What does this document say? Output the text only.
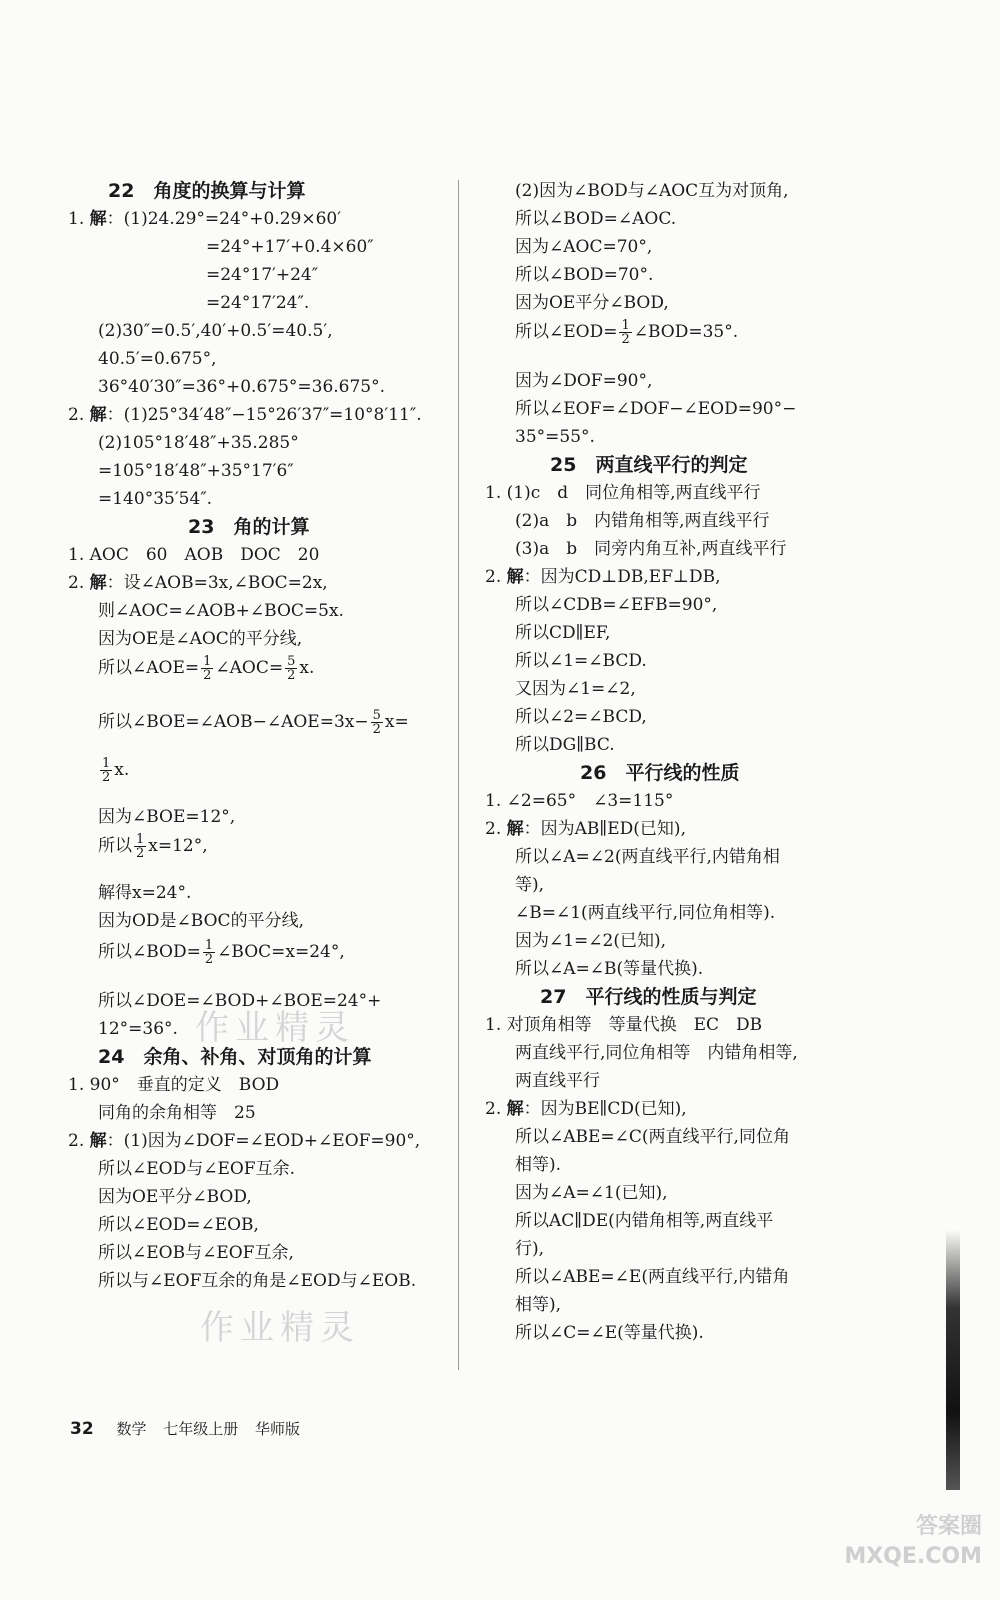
22　角度的换算与计算
1. 解：(1)24.29°=24°+0.29×60′
=24°+17′+0.4×60″
=24°17′+24″
=24°17′24″.
(2)30″=0.5′,40′+0.5′=40.5′,
40.5′=0.675°,
36°40′30″=36°+0.675°=36.675°.
2. 解：(1)25°34′48″−15°26′37″=10°8′11″.
(2)105°18′48″+35.285°
=105°18′48″+35°17′6″
=140°35′54″.
23　角的计算
1. AOC　60　AOB　DOC　20
2. 解：设∠AOB=3x,∠BOC=2x,
则∠AOC=∠AOB+∠BOC=5x.
因为OE是∠AOC的平分线,
所以∠AOE= $\frac{1}{2}$ ∠AOC= $\frac{5}{2} x$.
所以∠BOE=∠AOB−∠AOE=3x− $\frac{5}{2} x=$
$\frac{1}{2} x$.
因为∠BOE=12°,
所以 $\frac{1}{2} x=12^\circ$,
解得x=24°.
因为OD是∠BOC的平分线,
所以∠BOD= $\frac{1}{2}$ ∠BOC=x=24°,
所以∠DOE=∠BOD+∠BOE=24°+
12°=36°.
24　余角、补角、对顶角的计算
1. 90°　垂直的定义　BOD
同角的余角相等　25
2. 解：(1)因为∠DOF=∠EOD+∠EOF=90°,
所以∠EOD与∠EOF互余.
因为OE平分∠BOD,
所以∠EOD=∠EOB,
所以∠EOB与∠EOF互余,
所以与∠EOF互余的角是∠EOD与∠EOB.
(2)因为∠BOD与∠AOC互为对顶角,
所以∠BOD=∠AOC.
因为∠AOC=70°,
所以∠BOD=70°.
因为OE平分∠BOD,
所以∠EOD= $\frac{1}{2}$ ∠BOD=35°.
因为∠DOF=90°,
所以∠EOF=∠DOF−∠EOD=90°−
35°=55°.
25　两直线平行的判定
1. (1)c　d　同位角相等,两直线平行
(2)a　b　内错角相等,两直线平行
(3)a　b　同旁内角互补,两直线平行
2. 解：因为CD⊥DB,EF⊥DB,
所以∠CDB=∠EFB=90°,
所以CD∥EF,
所以∠1=∠BCD.
又因为∠1=∠2,
所以∠2=∠BCD,
所以DG∥BC.
26　平行线的性质
1. ∠2=65°　∠3=115°
2. 解：因为AB∥ED(已知),
所以∠A=∠2(两直线平行,内错角相
等),
∠B=∠1(两直线平行,同位角相等).
因为∠1=∠2(已知),
所以∠A=∠B(等量代换).
27　平行线的性质与判定
1. 对顶角相等　等量代换　EC　DB
两直线平行,同位角相等　内错角相等,
两直线平行
2. 解：因为BE∥CD(已知),
所以∠ABE=∠C(两直线平行,同位角
相等).
因为∠A=∠1(已知),
所以AC∥DE(内错角相等,两直线平
行),
所以∠ABE=∠E(两直线平行,内错角
相等),
所以∠C=∠E(等量代换).
作业精灵
作业精灵
32 数学 七年级上册 华师版
答案圈
MXQE.COM
